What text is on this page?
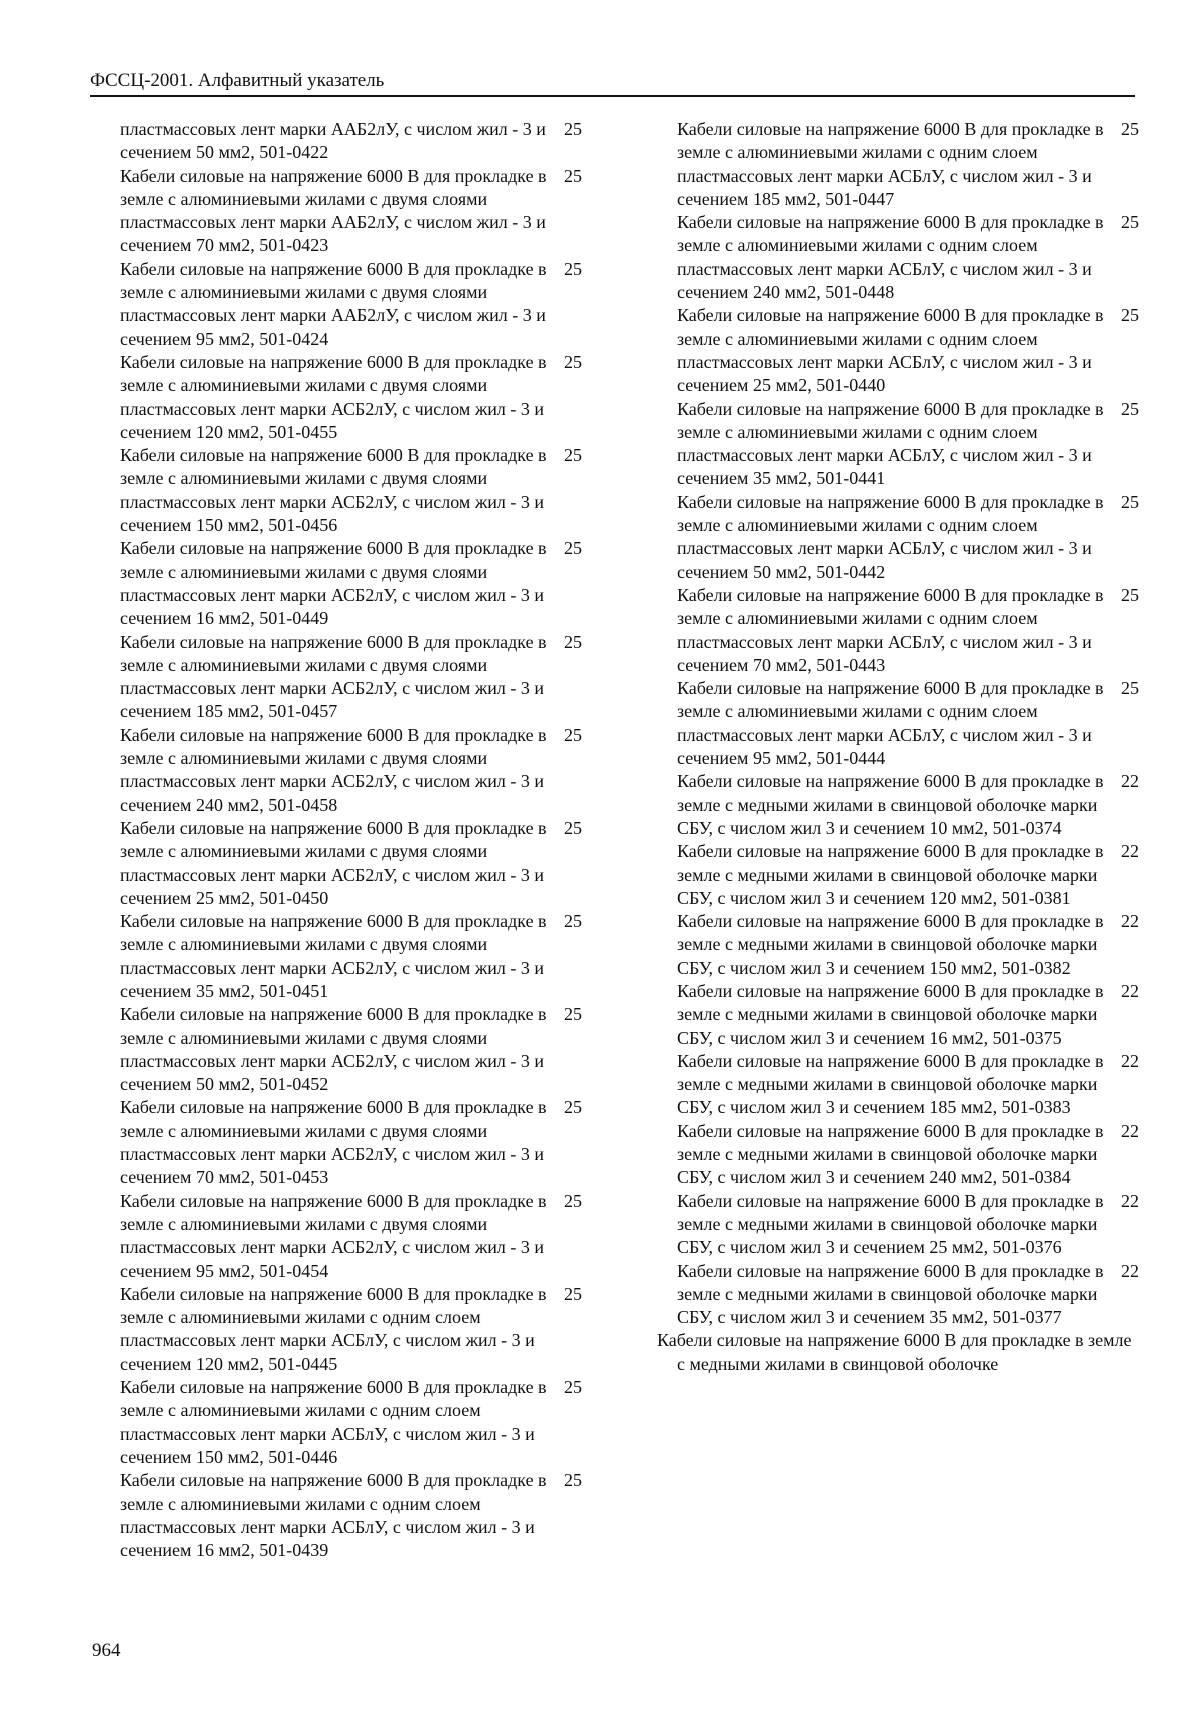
ФССЦ-2001. Алфавитный указатель
пластмассовых лент марки ААБ2лУ, с числом жил - 3 и сечением 50 мм2, 501-0422
25
Кабели силовые на напряжение 6000 В для прокладке в земле с алюминиевыми жилами с двумя слоями пластмассовых лент марки ААБ2лУ, с числом жил - 3 и сечением 70 мм2, 501-0423
25
Кабели силовые на напряжение 6000 В для прокладке в земле с алюминиевыми жилами с двумя слоями пластмассовых лент марки ААБ2лУ, с числом жил - 3 и сечением 95 мм2, 501-0424
25
Кабели силовые на напряжение 6000 В для прокладке в земле с алюминиевыми жилами с двумя слоями пластмассовых лент марки АСБ2лУ, с числом жил - 3 и сечением 120 мм2, 501-0455
25
Кабели силовые на напряжение 6000 В для прокладке в земле с алюминиевыми жилами с двумя слоями пластмассовых лент марки АСБ2лУ, с числом жил - 3 и сечением 150 мм2, 501-0456
25
Кабели силовые на напряжение 6000 В для прокладке в земле с алюминиевыми жилами с двумя слоями пластмассовых лент марки АСБ2лУ, с числом жил - 3 и сечением 16 мм2, 501-0449
25
Кабели силовые на напряжение 6000 В для прокладке в земле с алюминиевыми жилами с двумя слоями пластмассовых лент марки АСБ2лУ, с числом жил - 3 и сечением 185 мм2, 501-0457
25
Кабели силовые на напряжение 6000 В для прокладке в земле с алюминиевыми жилами с двумя слоями пластмассовых лент марки АСБ2лУ, с числом жил - 3 и сечением 240 мм2, 501-0458
25
Кабели силовые на напряжение 6000 В для прокладке в земле с алюминиевыми жилами с двумя слоями пластмассовых лент марки АСБ2лУ, с числом жил - 3 и сечением 25 мм2, 501-0450
25
Кабели силовые на напряжение 6000 В для прокладке в земле с алюминиевыми жилами с двумя слоями пластмассовых лент марки АСБ2лУ, с числом жил - 3 и сечением 35 мм2, 501-0451
25
Кабели силовые на напряжение 6000 В для прокладке в земле с алюминиевыми жилами с двумя слоями пластмассовых лент марки АСБ2лУ, с числом жил - 3 и сечением 50 мм2, 501-0452
25
Кабели силовые на напряжение 6000 В для прокладке в земле с алюминиевыми жилами с двумя слоями пластмассовых лент марки АСБ2лУ, с числом жил - 3 и сечением 70 мм2, 501-0453
25
Кабели силовые на напряжение 6000 В для прокладке в земле с алюминиевыми жилами с двумя слоями пластмассовых лент марки АСБ2лУ, с числом жил - 3 и сечением 95 мм2, 501-0454
25
Кабели силовые на напряжение 6000 В для прокладке в земле с алюминиевыми жилами с одним слоем пластмассовых лент марки АСБлУ, с числом жил - 3 и сечением 120 мм2, 501-0445
25
Кабели силовые на напряжение 6000 В для прокладке в земле с алюминиевыми жилами с одним слоем пластмассовых лент марки АСБлУ, с числом жил - 3 и сечением 150 мм2, 501-0446
25
Кабели силовые на напряжение 6000 В для прокладке в земле с алюминиевыми жилами с одним слоем пластмассовых лент марки АСБлУ, с числом жил - 3 и сечением 16 мм2, 501-0439
25
Кабели силовые на напряжение 6000 В для прокладке в земле с алюминиевыми жилами с одним слоем пластмассовых лент марки АСБлУ, с числом жил - 3 и сечением 185 мм2, 501-0447
25
Кабели силовые на напряжение 6000 В для прокладке в земле с алюминиевыми жилами с одним слоем пластмассовых лент марки АСБлУ, с числом жил - 3 и сечением 240 мм2, 501-0448
25
Кабели силовые на напряжение 6000 В для прокладке в земле с алюминиевыми жилами с одним слоем пластмассовых лент марки АСБлУ, с числом жил - 3 и сечением 25 мм2, 501-0440
25
Кабели силовые на напряжение 6000 В для прокладке в земле с алюминиевыми жилами с одним слоем пластмассовых лент марки АСБлУ, с числом жил - 3 и сечением 35 мм2, 501-0441
25
Кабели силовые на напряжение 6000 В для прокладке в земле с алюминиевыми жилами с одним слоем пластмассовых лент марки АСБлУ, с числом жил - 3 и сечением 50 мм2, 501-0442
25
Кабели силовые на напряжение 6000 В для прокладке в земле с алюминиевыми жилами с одним слоем пластмассовых лент марки АСБлУ, с числом жил - 3 и сечением 70 мм2, 501-0443
25
Кабели силовые на напряжение 6000 В для прокладке в земле с алюминиевыми жилами с одним слоем пластмассовых лент марки АСБлУ, с числом жил - 3 и сечением 95 мм2, 501-0444
25
Кабели силовые на напряжение 6000 В для прокладке в земле с медными жилами в свинцовой оболочке марки СБУ, с числом жил 3 и сечением 10 мм2, 501-0374
22
Кабели силовые на напряжение 6000 В для прокладке в земле с медными жилами в свинцовой оболочке марки СБУ, с числом жил 3 и сечением 120 мм2, 501-0381
22
Кабели силовые на напряжение 6000 В для прокладке в земле с медными жилами в свинцовой оболочке марки СБУ, с числом жил 3 и сечением 150 мм2, 501-0382
22
Кабели силовые на напряжение 6000 В для прокладке в земле с медными жилами в свинцовой оболочке марки СБУ, с числом жил 3 и сечением 16 мм2, 501-0375
22
Кабели силовые на напряжение 6000 В для прокладке в земле с медными жилами в свинцовой оболочке марки СБУ, с числом жил 3 и сечением 185 мм2, 501-0383
22
Кабели силовые на напряжение 6000 В для прокладке в земле с медными жилами в свинцовой оболочке марки СБУ, с числом жил 3 и сечением 240 мм2, 501-0384
22
Кабели силовые на напряжение 6000 В для прокладке в земле с медными жилами в свинцовой оболочке марки СБУ, с числом жил 3 и сечением 25 мм2, 501-0376
22
Кабели силовые на напряжение 6000 В для прокладке в земле с медными жилами в свинцовой оболочке марки СБУ, с числом жил 3 и сечением 35 мм2, 501-0377
22
Кабели силовые на напряжение 6000 В для прокладке в земле с медными жилами в свинцовой оболочке
964
